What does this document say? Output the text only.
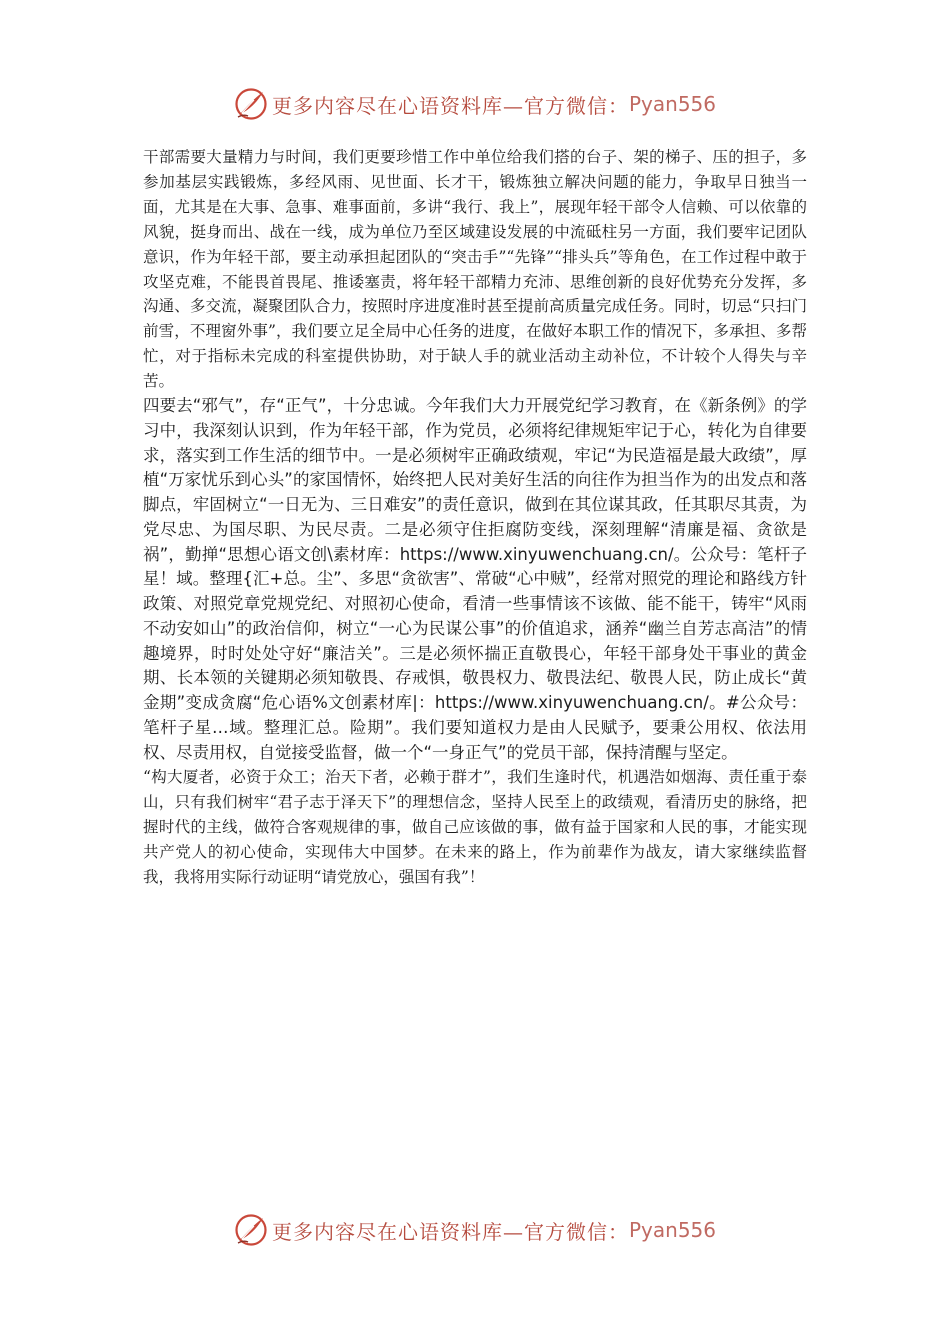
更多内容尽在心语资料库—官方微信： Pyan556

干部需要大量精力与时间，我们更要珍惜工作中单位给我们搭的台子、架的梯子、压的担子，多参加基层实践锻炼，多经风雨、见世面、长才干，锻炼独立解决问题的能力，争取早日独当一面，尤其是在大事、急事、难事面前，多讲“我行、我上”，展现年轻干部令人信赖、可以依靠的风貌，挺身而出、战在一线，成为单位乃至区域建设发展的中流砥柱另一方面，我们要牢记团队意识，作为年轻干部，要主动承担起团队的“突击手”“先锋”“排头兵”等角色，在工作过程中敢于攻坚克难，不能畏首畏尾、推诿塞责，将年轻干部精力充沛、思维创新的良好优势充分发挥，多沟通、多交流，凝聚团队合力，按照时序进度准时甚至提前高质量完成任务。同时，切忌“只扫门前雪，不理窗外事”，我们要立足全局中心任务的进度，在做好本职工作的情况下，多承担、多帮忙，对于指标未完成的科室提供协助，对于缺人手的就业活动主动补位，不计较个人得失与辛苦。

四要去“邪气”，存“正气”，十分忠诚。今年我们大力开展党纪学习教育，在《新条例》的学习中，我深刻认识到，作为年轻干部，作为党员，必须将纪律规矩牢记于心，转化为自律要求，落实到工作生活的细节中。一是必须树牢正确政绩观，牢记“为民造福是最大政绩”，厚植“万家忧乐到心头”的家国情怀，始终把人民对美好生活的向往作为担当作为的出发点和落脚点，牢固树立“一日无为、三日难安”的责任意识，做到在其位谋其政，任其职尽其责，为党尽忠、为国尽职、为民尽责。二是必须守住拒腐防变线，深刻理解“清廉是福、贪欲是祸”，勤掸“思想心语文创\素材库：https://www.xinyuwenchuang.cn/。公众号：笔杆子星！域。整理{汇+总。尘”、多思“贪欲害”、常破“心中贼”，经常对照党的理论和路线方针政策、对照党章党规党纪、对照初心使命，看清一些事情该不该做、能不能干，铸牢“风雨不动安如山”的政治信仰，树立“一心为民谋公事”的价值追求，涵养“幽兰自芳志高洁”的情趣境界，时时处处守好“廉洁关”。三是必须怀揣正直敬畏心，年轻干部身处干事业的黄金期、长本领的关键期必须知敬畏、存戒惧，敬畏权力、敬畏法纪、敬畏人民，防止成长“黄金期”变成贪腐“危心语%文创素材库|：https://www.xinyuwenchuang.cn/。#公众号：笔杆子星…域。整理汇总。险期”。我们要知道权力是由人民赋予，要秉公用权、依法用权、尽责用权，自觉接受监督，做一个“一身正气”的党员干部，保持清醒与坚定。

“构大厦者，必资于众工；治天下者，必赖于群才”，我们生逢时代，机遇浩如烟海、责任重于泰山，只有我们树牢“君子志于泽天下”的理想信念，坚持人民至上的政绩观，看清历史的脉络，把握时代的主线，做符合客观规律的事，做自己应该做的事，做有益于国家和人民的事，才能实现共产党人的初心使命，实现伟大中国梦。在未来的路上，作为前辈作为战友，请大家继续监督我，我将用实际行动证明“请党放心，强国有我”！

更多内容尽在心语资料库—官方微信： Pyan556
